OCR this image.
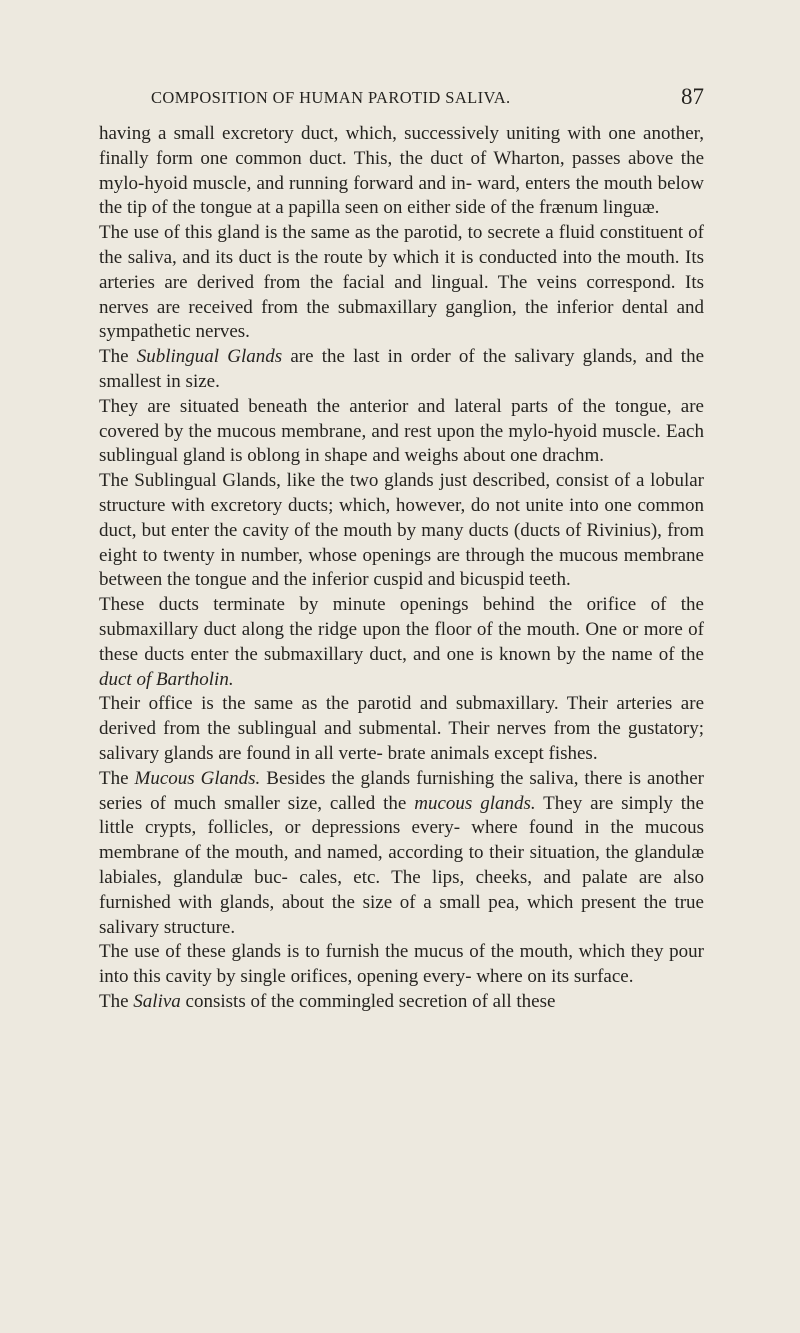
COMPOSITION OF HUMAN PAROTID SALIVA.	87

having a small excretory duct, which, successively uniting with one another, finally form one common duct. This, the duct of Wharton, passes above the mylo-hyoid muscle, and running forward and in- ward, enters the mouth below the tip of the tongue at a papilla seen on either side of the frænum linguæ.

The use of this gland is the same as the parotid, to secrete a fluid constituent of the saliva, and its duct is the route by which it is conducted into the mouth. Its arteries are derived from the facial and lingual. The veins correspond. Its nerves are received from the submaxillary ganglion, the inferior dental and sympathetic nerves.

The Sublingual Glands are the last in order of the salivary glands, and the smallest in size.

They are situated beneath the anterior and lateral parts of the tongue, are covered by the mucous membrane, and rest upon the mylo-hyoid muscle. Each sublingual gland is oblong in shape and weighs about one drachm.

The Sublingual Glands, like the two glands just described, consist of a lobular structure with excretory ducts; which, however, do not unite into one common duct, but enter the cavity of the mouth by many ducts (ducts of Rivinius), from eight to twenty in number, whose openings are through the mucous membrane between the tongue and the inferior cuspid and bicuspid teeth.

These ducts terminate by minute openings behind the orifice of the submaxillary duct along the ridge upon the floor of the mouth. One or more of these ducts enter the submaxillary duct, and one is known by the name of the duct of Bartholin.

Their office is the same as the parotid and submaxillary. Their arteries are derived from the sublingual and submental. Their nerves from the gustatory; salivary glands are found in all verte- brate animals except fishes.

The Mucous Glands. Besides the glands furnishing the saliva, there is another series of much smaller size, called the mucous glands. They are simply the little crypts, follicles, or depressions every- where found in the mucous membrane of the mouth, and named, according to their situation, the glandulæ labiales, glandulæ buc- cales, etc. The lips, cheeks, and palate are also furnished with glands, about the size of a small pea, which present the true salivary structure.

The use of these glands is to furnish the mucus of the mouth, which they pour into this cavity by single orifices, opening every- where on its surface.

The Saliva consists of the commingled secretion of all these
